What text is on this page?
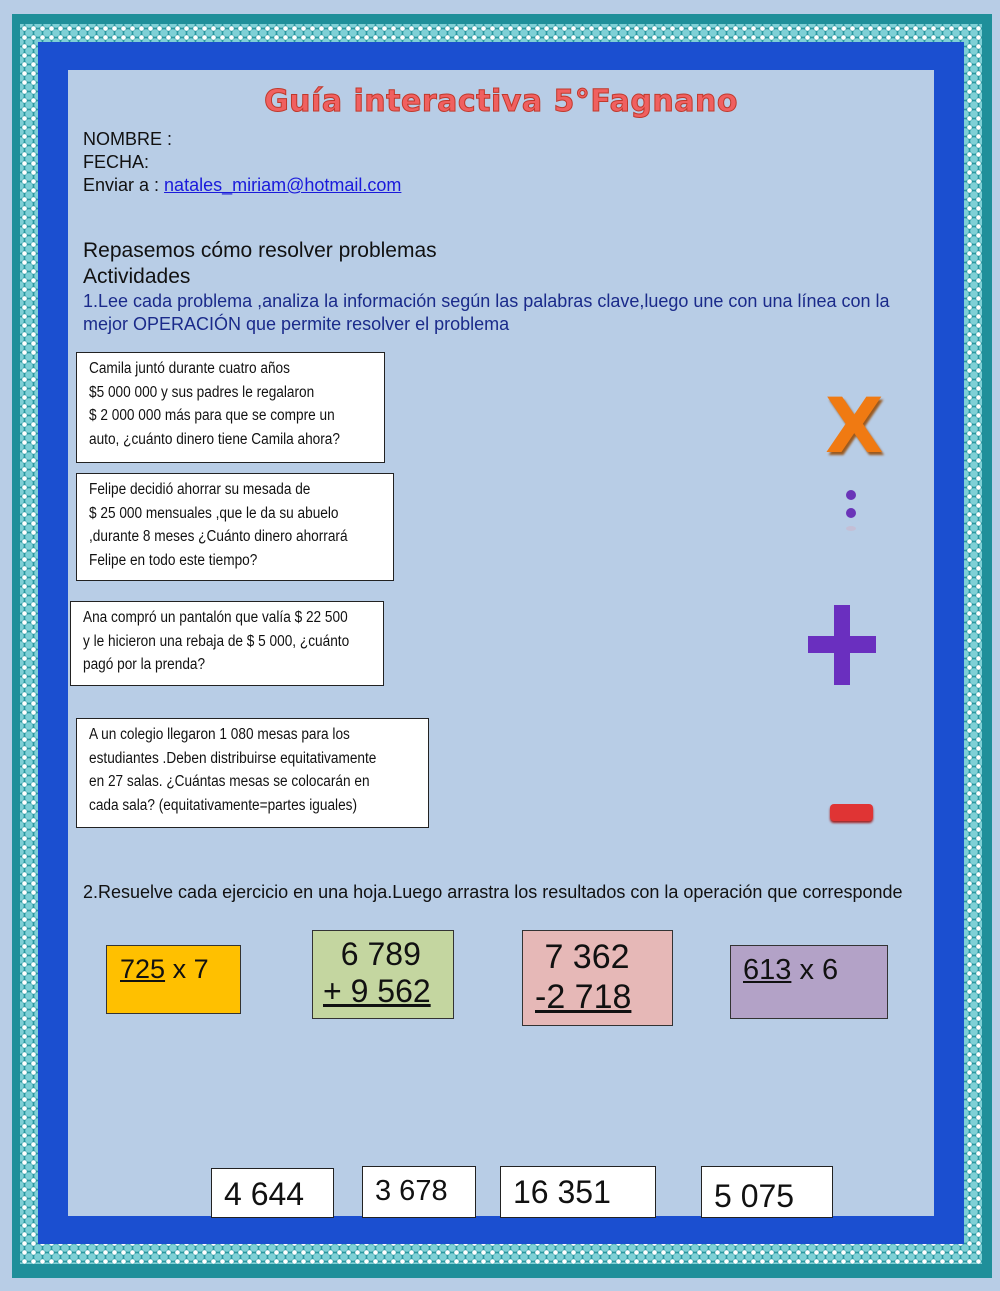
Guía interactiva 5°Fagnano
NOMBRE :
FECHA:
Enviar a : natales_miriam@hotmail.com
Repasemos cómo resolver problemas
Actividades
1.Lee cada problema ,analiza la información según las palabras clave,luego une con una línea con la mejor OPERACIÓN que permite resolver el problema
Camila juntó durante cuatro años
$5 000 000 y sus padres le regalaron
$ 2 000 000 más para que se compre un
auto, ¿cuánto dinero tiene Camila ahora?
Felipe decidió ahorrar su mesada de
$ 25 000 mensuales ,que le da su abuelo
,durante 8 meses ¿Cuánto dinero ahorrará
Felipe en todo este tiempo?
Ana compró un pantalón que valía $ 22 500
y le hicieron una rebaja de $ 5 000, ¿cuánto
pagó por la prenda?
A un colegio llegaron 1 080 mesas para los
estudiantes .Deben distribuirse equitativamente
en 27 salas. ¿Cuántas mesas se colocarán en
cada sala? (equitativamente=partes iguales)
X
2.Resuelve cada ejercicio en una hoja.Luego arrastra los resultados con la operación que corresponde
725 x 7	6 789
+ 9 562
7 362
-2 718
613 x 6
4 644	3 678	16 351	5 075
